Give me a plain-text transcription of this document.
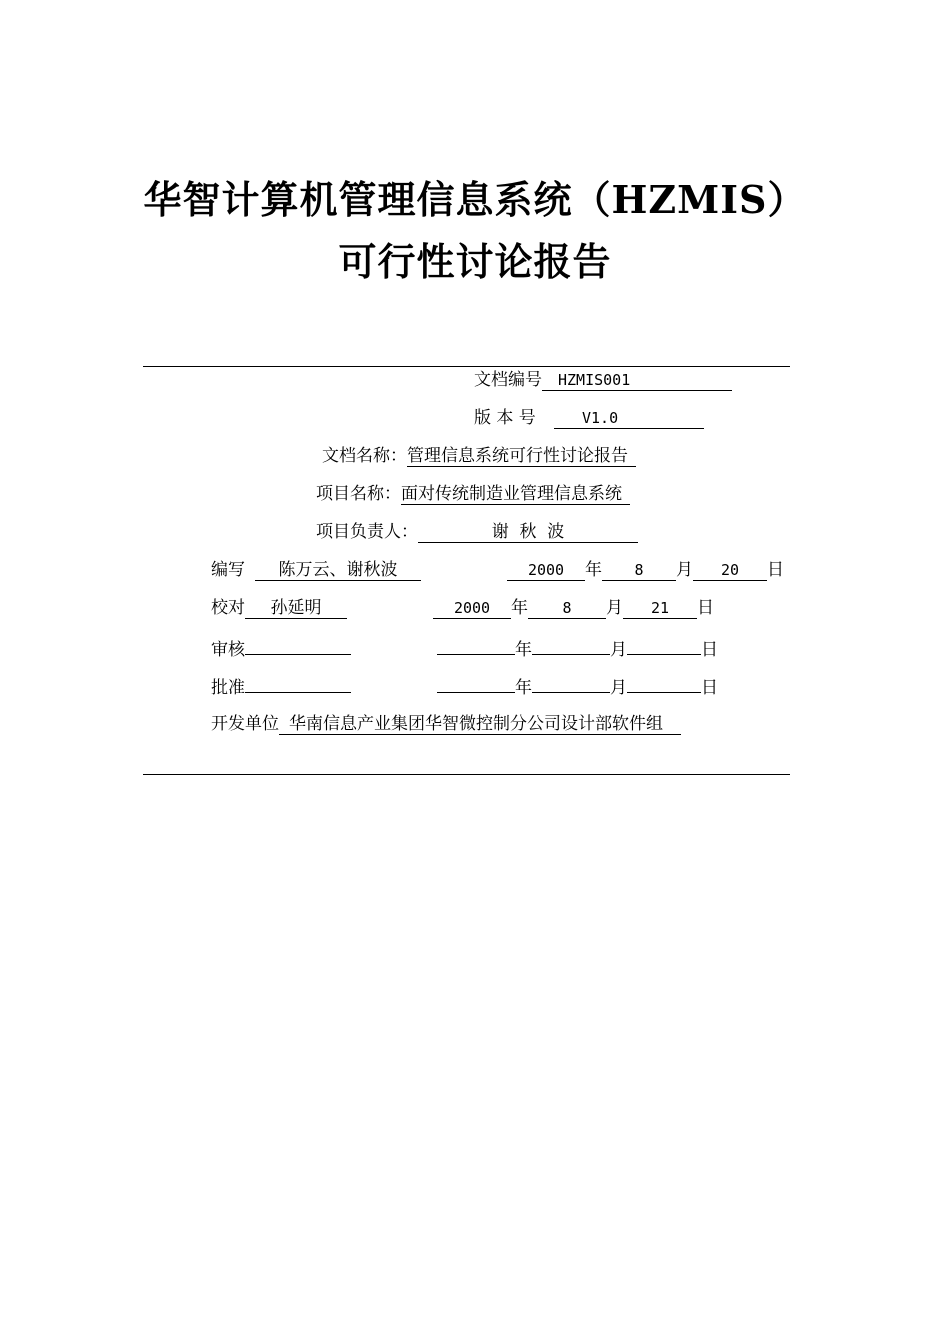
华智计算机管理信息系统（HZMIS）
可行性讨论报告
文档编号 HZMIS001
版 本 号	V1.0
文档名称：管理信息系统可行性讨论报告
项目名称：面对传统制造业管理信息系统
项目负责人：	谢  秋  波
编写 陈万云、谢秋波	2000 年 8 月 20 日
校对 孙延明	2000 年 8 月 21 日
审核	年	月	日
批准	年	月	日
开发单位 华南信息产业集团华智微控制分公司设计部软件组
